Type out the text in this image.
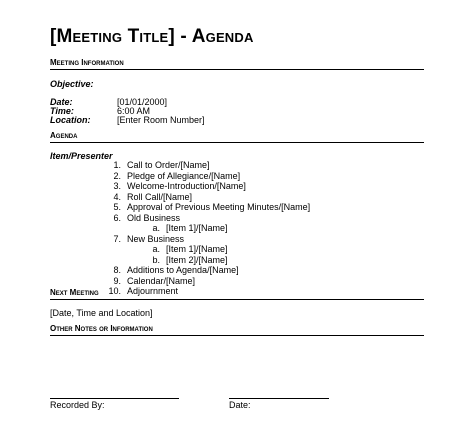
[Meeting Title] - Agenda
Meeting Information
Objective:
Date:	[01/01/2000]
Time:	6:00 AM
Location:	[Enter Room Number]
Agenda
Item/Presenter
1. Call to Order/[Name]
2. Pledge of Allegiance/[Name]
3. Welcome-Introduction/[Name]
4. Roll Call/[Name]
5. Approval of Previous Meeting Minutes/[Name]
6. Old Business
a. [Item 1]/[Name]
7. New Business
a. [Item 1]/[Name]
b. [Item 2]/[Name]
8. Additions to Agenda/[Name]
9. Calendar/[Name]
10. Adjournment
Next Meeting
[Date, Time and Location]
Other Notes or Information
Recorded By:	Date:
